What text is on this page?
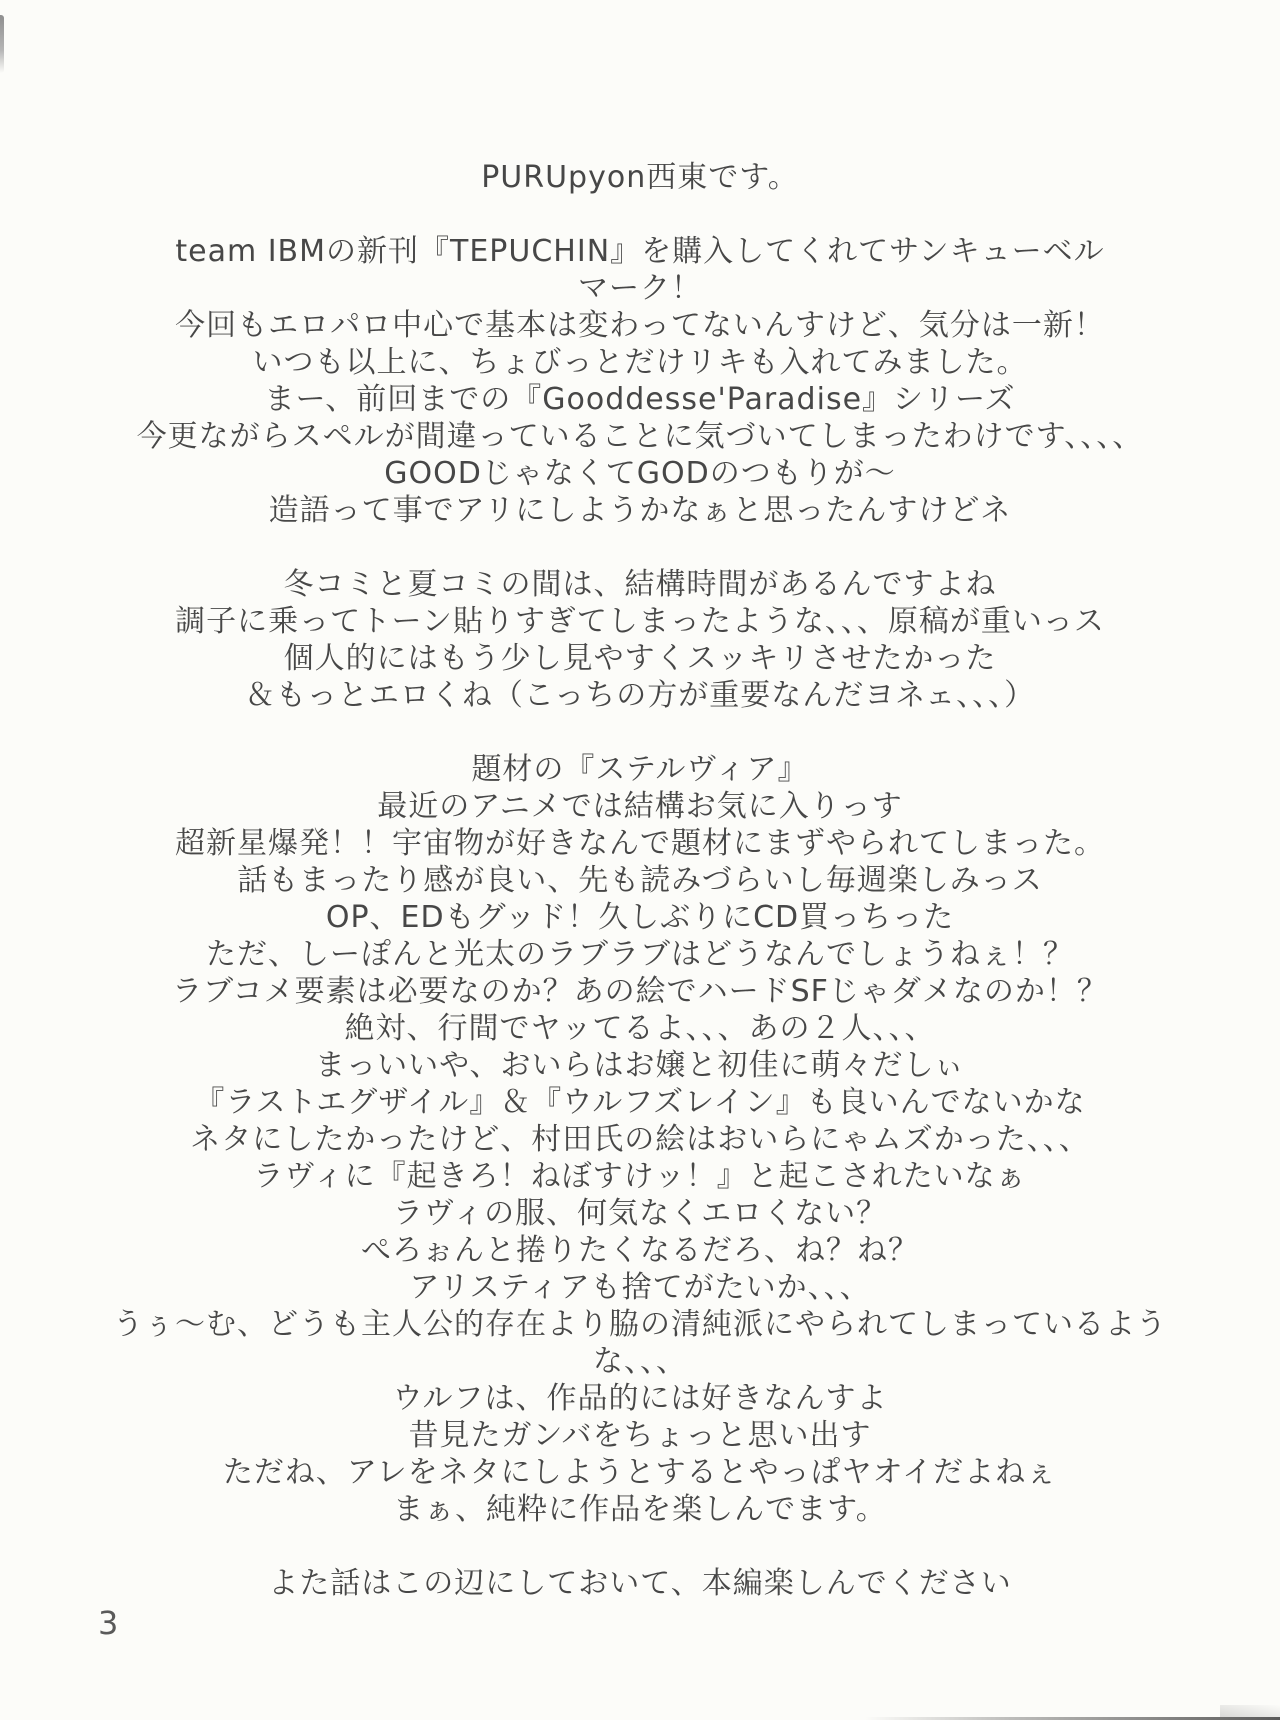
PURUpyon西東です。
team IBMの新刊『TEPUCHIN』を購入してくれてサンキューベル
マーク！
今回もエロパロ中心で基本は変わってないんすけど、気分は一新！
いつも以上に、ちょびっとだけリキも入れてみました。
まー、前回までの『Gooddesse'Paradise』シリーズ
今更ながらスペルが間違っていることに気づいてしまったわけです、、、、
GOODじゃなくてGODのつもりが〜
造語って事でアリにしようかなぁと思ったんすけどネ
冬コミと夏コミの間は、結構時間があるんですよね
調子に乗ってトーン貼りすぎてしまったような、、、原稿が重いっス
個人的にはもう少し見やすくスッキリさせたかった
＆もっとエロくね（こっちの方が重要なんだヨネェ、、、）
題材の『ステルヴィア』
最近のアニメでは結構お気に入りっす
超新星爆発！！宇宙物が好きなんで題材にまずやられてしまった。
話もまったり感が良い、先も読みづらいし毎週楽しみっス
OP、EDもグッド！久しぶりにCD買っちった
ただ、しーぽんと光太のラブラブはどうなんでしょうねぇ！？
ラブコメ要素は必要なのか？あの絵でハードSFじゃダメなのか！？
絶対、行間でヤッてるよ、、、あの２人、、、
まっいいや、おいらはお嬢と初佳に萌々だしぃ
『ラストエグザイル』＆『ウルフズレイン』も良いんでないかな
ネタにしたかったけど、村田氏の絵はおいらにゃムズかった、、、
ラヴィに『起きろ！ねぼすけッ！』と起こされたいなぁ
ラヴィの服、何気なくエロくない？
ぺろぉんと捲りたくなるだろ、ね？ね？
アリスティアも捨てがたいか、、、
うぅ〜む、どうも主人公的存在より脇の清純派にやられてしまっているよう
な、、、
ウルフは、作品的には好きなんすよ
昔見たガンバをちょっと思い出す
ただね、アレをネタにしようとするとやっぱヤオイだよねぇ
まぁ、純粋に作品を楽しんでます。
よた話はこの辺にしておいて、本編楽しんでください
3
